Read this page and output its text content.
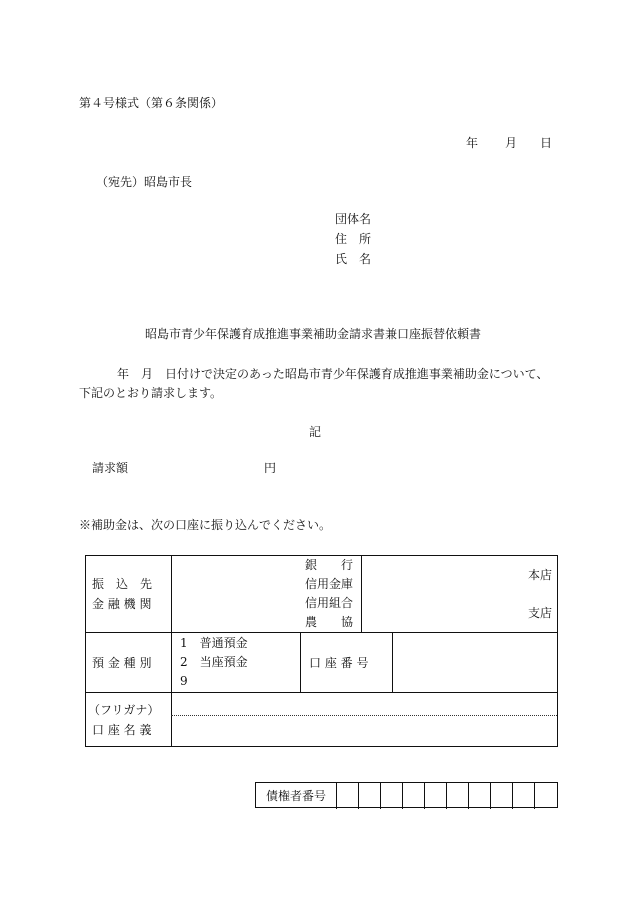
第４号様式（第６条関係）
年 月 日
（宛先）昭島市長
団体名
住　所
氏　名
昭島市青少年保護育成推進事業補助金請求書兼口座振替依頼書
年　月　日付けで決定のあった昭島市青少年保護育成推進事業補助金について、
下記のとおり請求します。
記
請求額	円
※補助金は、次の口座に振り込んでください。
振　込　先
金 融 機 関
銀　　行
信用金庫
信用組合
農　　協
本店
支店
預 金 種 別
1　普通預金
2　当座預金
9
口 座 番 号
（フリガナ）
口 座 名 義
債権者番号
